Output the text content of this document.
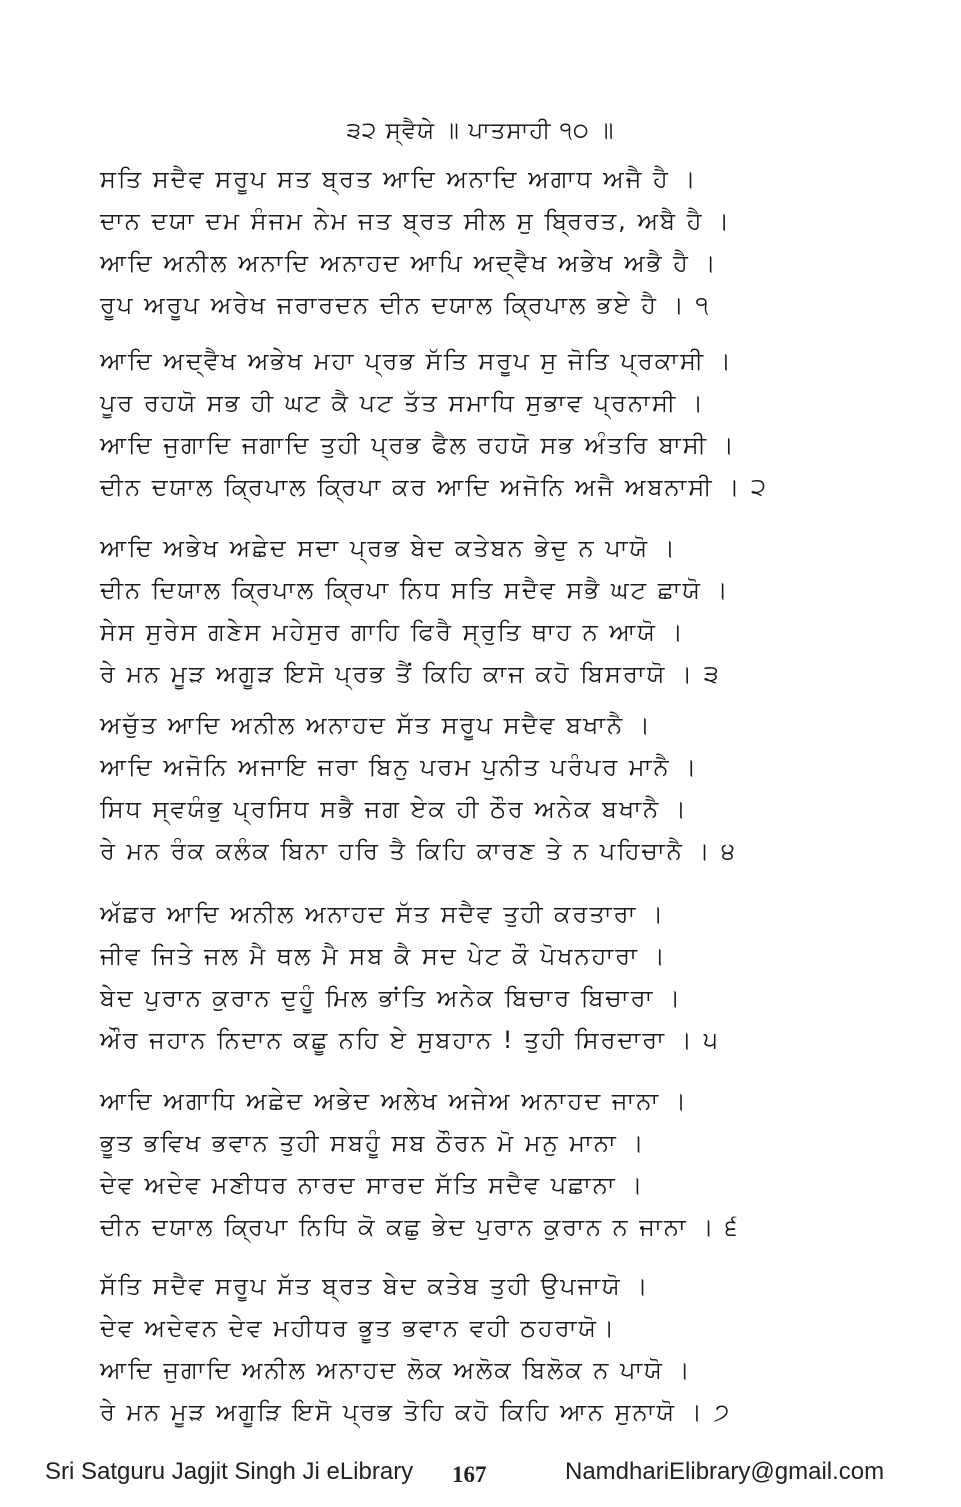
੩੨ ਸ੍ਵੈਯੇ ॥ ਪਾਤਸਾਹੀ ੧੦ ॥
ਸਤਿ ਸਦੈਵ ਸਰੂਪ ਸਤ ਬ੍ਰਤ ਆਦਿ ਅਨਾਦਿ ਅਗਾਧ ਅਜੈ ਹੈ ।
ਦਾਨ ਦਯਾ ਦਮ ਸੰਜਮ ਨੇਮ ਜਤ ਬ੍ਰਤ ਸੀਲ ਸੁ ਬ੍ਰਿਰਤ, ਅਬੈ ਹੈ ।
ਆਦਿ ਅਨੀਲ ਅਨਾਦਿ ਅਨਾਹਦ ਆਪਿ ਅਦ੍ਵੈਖ ਅਭੇਖ ਅਭੈ ਹੈ ।
ਰੂਪ ਅਰੂਪ ਅਰੇਖ ਜਰਾਰਦਨ ਦੀਨ ਦਯਾਲ ਕ੍ਰਿਪਾਲ ਭਏ ਹੈ । ੧
ਆਦਿ ਅਦ੍ਵੈਖ ਅਭੇਖ ਮਹਾ ਪ੍ਰਭ ਸੱਤਿ ਸਰੂਪ ਸੁ ਜੋਤਿ ਪ੍ਰਕਾਸੀ ।
ਪੂਰ ਰਹਯੋ ਸਭ ਹੀ ਘਟ ਕੈ ਪਟ ਤੱਤ ਸਮਾਧਿ ਸੁਭਾਵ ਪ੍ਰਨਾਸੀ ।
ਆਦਿ ਜੁਗਾਦਿ ਜਗਾਦਿ ਤੁਹੀ ਪ੍ਰਭ ਫੈਲ ਰਹਯੋ ਸਭ ਅੰਤਰਿ ਬਾਸੀ ।
ਦੀਨ ਦਯਾਲ ਕ੍ਰਿਪਾਲ ਕ੍ਰਿਪਾ ਕਰ ਆਦਿ ਅਜੋਨਿ ਅਜੈ ਅਬਨਾਸੀ । ੨
ਆਦਿ ਅਭੇਖ ਅਛੇਦ ਸਦਾ ਪ੍ਰਭ ਬੇਦ ਕਤੇਬਨ ਭੇਦੁ ਨ ਪਾਯੋ ।
ਦੀਨ ਦਿਯਾਲ ਕ੍ਰਿਪਾਲ ਕ੍ਰਿਪਾ ਨਿਧ ਸਤਿ ਸਦੈਵ ਸਭੈ ਘਟ ਛਾਯੋ ।
ਸੇਸ ਸੁਰੇਸ ਗਣੇਸ ਮਹੇਸੁਰ ਗਾਹਿ ਫਿਰੈ ਸ੍ਰੁਤਿ ਥਾਹ ਨ ਆਯੋ ।
ਰੇ ਮਨ ਮੂੜ ਅਗੂੜ ਇਸੋ ਪ੍ਰਭ ਤੈਂ ਕਿਹਿ ਕਾਜ ਕਹੋ ਬਿਸਰਾਯੋ । ੩
ਅਚੁੱਤ ਆਦਿ ਅਨੀਲ ਅਨਾਹਦ ਸੱਤ ਸਰੂਪ ਸਦੈਵ ਬਖਾਨੈ ।
ਆਦਿ ਅਜੋਨਿ ਅਜਾਇ ਜਰਾ ਬਿਨੁ ਪਰਮ ਪੁਨੀਤ ਪਰੰਪਰ ਮਾਨੈ ।
ਸਿਧ ਸ੍ਵਯੰਭੁ ਪ੍ਰਸਿਧ ਸਭੈ ਜਗ ਏਕ ਹੀ ਠੌਰ ਅਨੇਕ ਬਖਾਨੈ ।
ਰੇ ਮਨ ਰੰਕ ਕਲੰਕ ਬਿਨਾ ਹਰਿ ਤੈ ਕਿਹਿ ਕਾਰਣ ਤੇ ਨ ਪਹਿਚਾਨੈ । ੪
ਅੱਛਰ ਆਦਿ ਅਨੀਲ ਅਨਾਹਦ ਸੱਤ ਸਦੈਵ ਤੁਹੀ ਕਰਤਾਰਾ ।
ਜੀਵ ਜਿਤੇ ਜਲ ਮੈ ਥਲ ਮੈ ਸਬ ਕੈ ਸਦ ਪੇਟ ਕੌ ਪੋਖਨਹਾਰਾ ।
ਬੇਦ ਪੁਰਾਨ ਕੁਰਾਨ ਦੁਹੂੰ ਮਿਲ ਭਾਂਤਿ ਅਨੇਕ ਬਿਚਾਰ ਬਿਚਾਰਾ ।
ਔਰ ਜਹਾਨ ਨਿਦਾਨ ਕਛੂ ਨਹਿ ਏ ਸੁਬਹਾਨ ! ਤੁਹੀ ਸਿਰਦਾਰਾ । ੫
ਆਦਿ ਅਗਾਧਿ ਅਛੇਦ ਅਭੇਦ ਅਲੇਖ ਅਜੇਅ ਅਨਾਹਦ ਜਾਨਾ ।
ਭੂਤ ਭਵਿਖ ਭਵਾਨ ਤੁਹੀ ਸਬਹੂੰ ਸਬ ਠੌਰਨ ਮੋ ਮਨੁ ਮਾਨਾ ।
ਦੇਵ ਅਦੇਵ ਮਣੀਧਰ ਨਾਰਦ ਸਾਰਦ ਸੱਤਿ ਸਦੈਵ ਪਛਾਨਾ ।
ਦੀਨ ਦਯਾਲ ਕ੍ਰਿਪਾ ਨਿਧਿ ਕੋ ਕਛੁ ਭੇਦ ਪੁਰਾਨ ਕੁਰਾਨ ਨ ਜਾਨਾ । ੬
ਸੱਤਿ ਸਦੈਵ ਸਰੂਪ ਸੱਤ ਬ੍ਰਤ ਬੇਦ ਕਤੇਬ ਤੁਹੀ ਉਪਜਾਯੋ ।
ਦੇਵ ਅਦੇਵਨ ਦੇਵ ਮਹੀਧਰ ਭੂਤ ਭਵਾਨ ਵਹੀ ਠਹਰਾਯੋ।
ਆਦਿ ਜੁਗਾਦਿ ਅਨੀਲ ਅਨਾਹਦ ਲੋਕ ਅਲੋਕ ਬਿਲੋਕ ਨ ਪਾਯੋ ।
ਰੇ ਮਨ ਮੂੜ ਅਗੂੜਿ ਇਸੋ ਪ੍ਰਭ ਤੋਹਿ ਕਹੋ ਕਿਹਿ ਆਨ ਸੁਨਾਯੋ । ੭
Sri Satguru Jagjit Singh Ji eLibrary 167	NamdhariElibrary@gmail.com
